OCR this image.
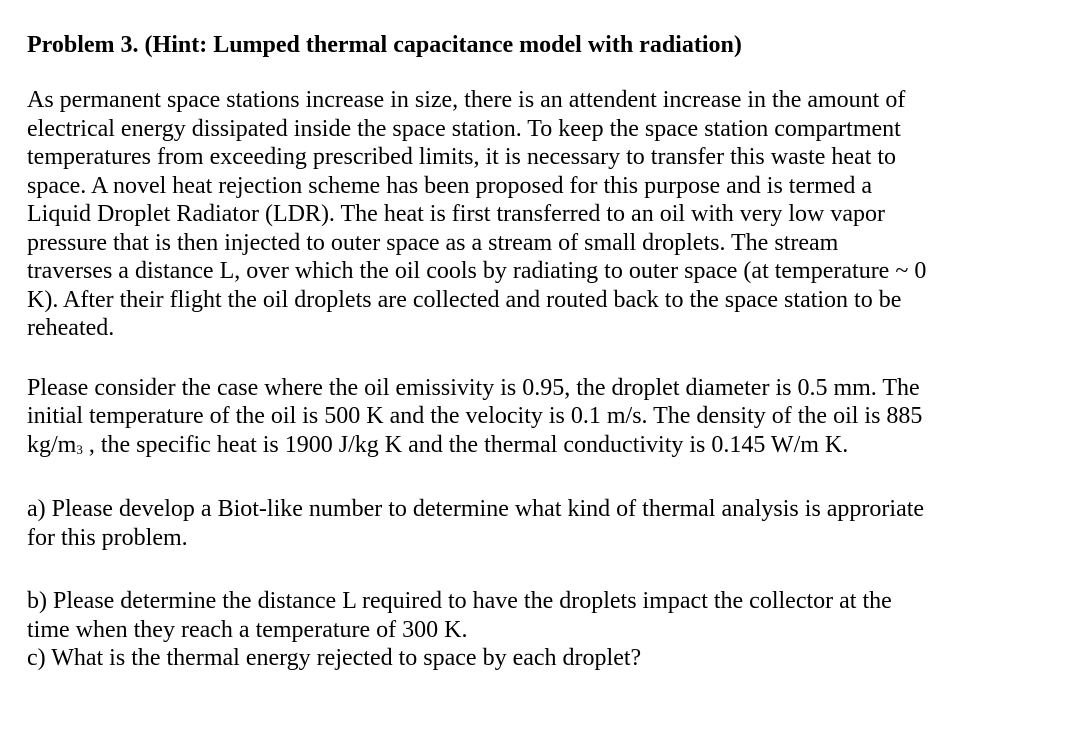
Problem 3. (Hint: Lumped thermal capacitance model with radiation)

As permanent space stations increase in size, there is an attendent increase in the amount of
electrical energy dissipated inside the space station. To keep the space station compartment
temperatures from exceeding prescribed limits, it is necessary to transfer this waste heat to
space. A novel heat rejection scheme has been proposed for this purpose and is termed a
Liquid Droplet Radiator (LDR). The heat is first transferred to an oil with very low vapor
pressure that is then injected to outer space as a stream of small droplets. The stream
traverses a distance L, over which the oil cools by radiating to outer space (at temperature ~ 0
K). After their flight the oil droplets are collected and routed back to the space station to be
reheated.

Please consider the case where the oil emissivity is 0.95, the droplet diameter is 0.5 mm. The
initial temperature of the oil is 500 K and the velocity is 0.1 m/s. The density of the oil is 885
kg/m3 , the specific heat is 1900 J/kg K and the thermal conductivity is 0.145 W/m K.

a) Please develop a Biot-like number to determine what kind of thermal analysis is approriate
for this problem.

b) Please determine the distance L required to have the droplets impact the collector at the
time when they reach a temperature of 300 K.
c) What is the thermal energy rejected to space by each droplet?
